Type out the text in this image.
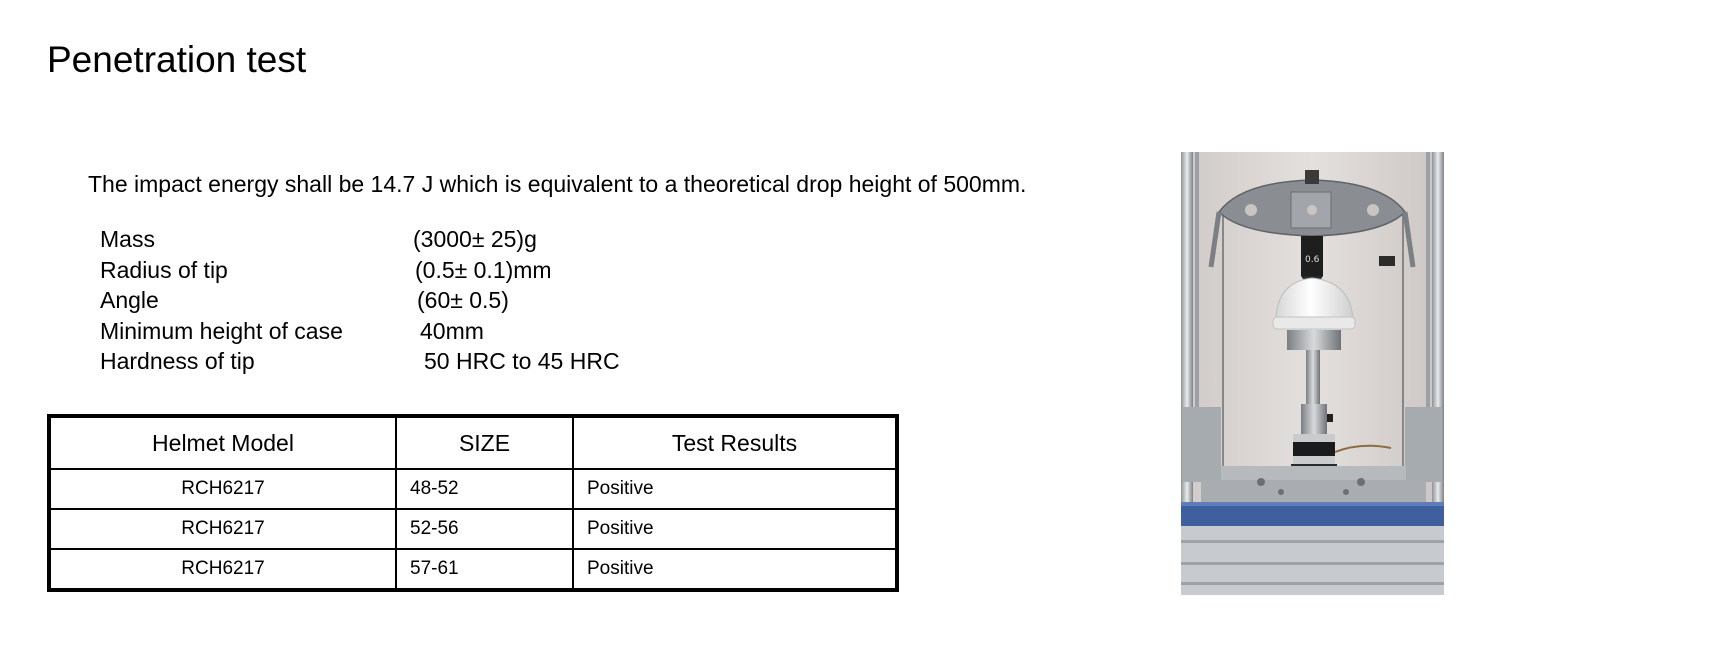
Penetration test
The impact energy shall be 14.7 J which is equivalent to a theoretical drop height of 500mm.
Mass	(3000± 25)g
Radius of tip	(0.5± 0.1)mm
Angle	(60± 0.5)
Minimum height of case	40mm
Hardness of tip	50 HRC to 45 HRC
Helmet Model	SIZE	Test Results
RCH6217	48-52	Positive
RCH6217	52-56	Positive
RCH6217	57-61	Positive
0.6
